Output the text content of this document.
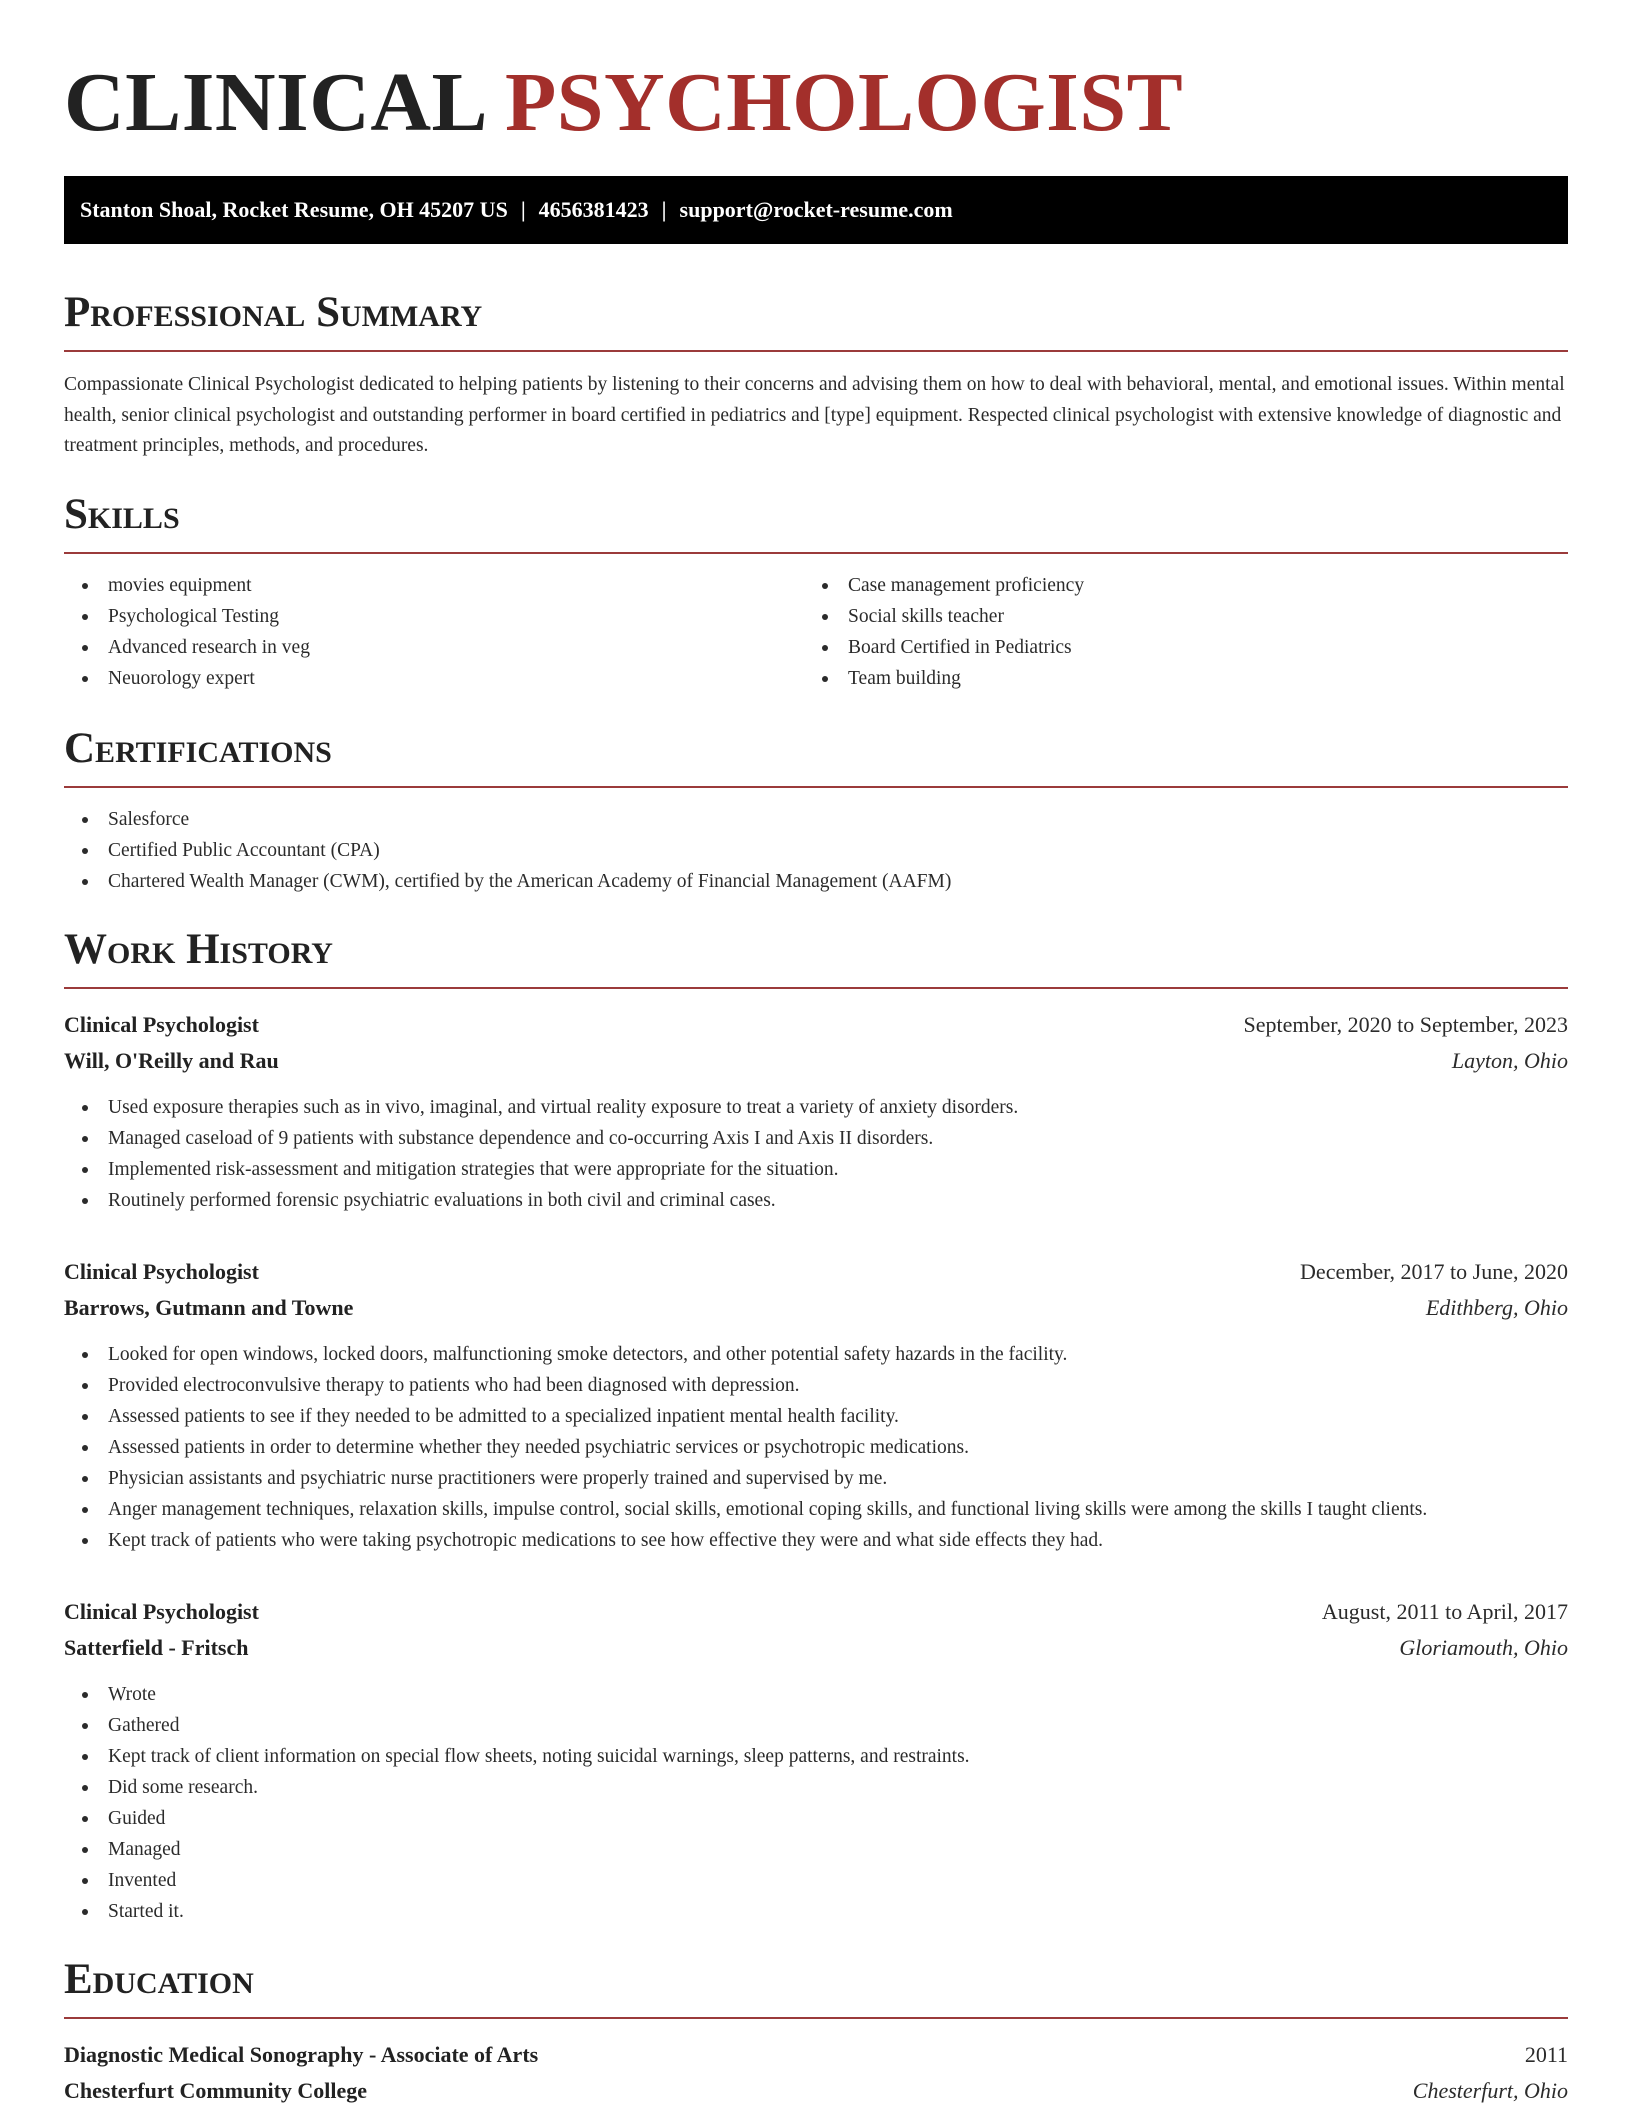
CLINICAL PSYCHOLOGIST
Stanton Shoal, Rocket Resume, OH 45207 US | 4656381423 | support@rocket-resume.com
Professional Summary

Compassionate Clinical Psychologist dedicated to helping patients by listening to their concerns and advising them on how to deal with behavioral, mental, and emotional issues. Within mental health, senior clinical psychologist and outstanding performer in board certified in pediatrics and [type] equipment. Respected clinical psychologist with extensive knowledge of diagnostic and treatment principles, methods, and procedures.

Skills
movies equipment
Psychological Testing
Advanced research in veg
Neuorology expert
Case management proficiency
Social skills teacher
Board Certified in Pediatrics
Team building
Certifications
Salesforce
Certified Public Accountant (CPA)
Chartered Wealth Manager (CWM), certified by the American Academy of Financial Management (AAFM)
Work History
Clinical Psychologist	September, 2020 to September, 2023
Will, O'Reilly and Rau	Layton, Ohio
Used exposure therapies such as in vivo, imaginal, and virtual reality exposure to treat a variety of anxiety disorders.
Managed caseload of 9 patients with substance dependence and co-occurring Axis I and Axis II disorders.
Implemented risk-assessment and mitigation strategies that were appropriate for the situation.
Routinely performed forensic psychiatric evaluations in both civil and criminal cases.
Clinical Psychologist	December, 2017 to June, 2020
Barrows, Gutmann and Towne	Edithberg, Ohio
Looked for open windows, locked doors, malfunctioning smoke detectors, and other potential safety hazards in the facility.
Provided electroconvulsive therapy to patients who had been diagnosed with depression.
Assessed patients to see if they needed to be admitted to a specialized inpatient mental health facility.
Assessed patients in order to determine whether they needed psychiatric services or psychotropic medications.
Physician assistants and psychiatric nurse practitioners were properly trained and supervised by me.
Anger management techniques, relaxation skills, impulse control, social skills, emotional coping skills, and functional living skills were among the skills I taught clients.
Kept track of patients who were taking psychotropic medications to see how effective they were and what side effects they had.
Clinical Psychologist	August, 2011 to April, 2017
Satterfield - Fritsch	Gloriamouth, Ohio
Wrote
Gathered
Kept track of client information on special flow sheets, noting suicidal warnings, sleep patterns, and restraints.
Did some research.
Guided
Managed
Invented
Started it.
Education
Diagnostic Medical Sonography - Associate of Arts	2011
Chesterfurt Community College	Chesterfurt, Ohio
